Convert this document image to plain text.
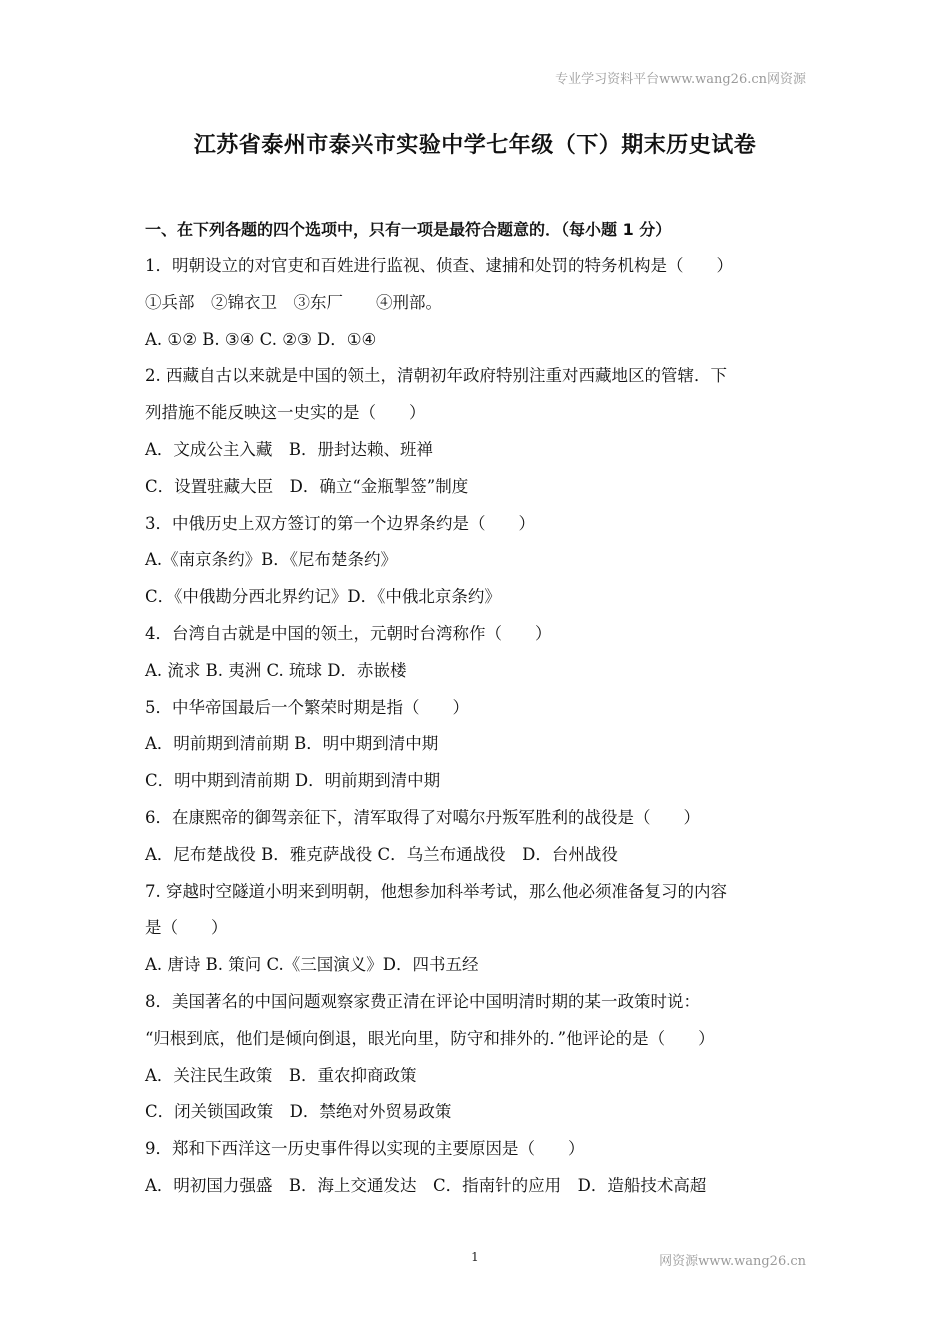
专业学习资料平台www.wang26.cn网资源
江苏省泰州市泰兴市实验中学七年级（下）期末历史试卷
一、在下列各题的四个选项中，只有一项是最符合题意的．（每小题 1 分）
1．明朝设立的对官吏和百姓进行监视、侦查、逮捕和处罚的特务机构是（　　）
①兵部　②锦衣卫　③东厂　　④刑部。
A. ①② B. ③④ C. ②③ D．①④
2. 西藏自古以来就是中国的领土，清朝初年政府特别注重对西藏地区的管辖．下
列措施不能反映这一史实的是（　　）
A．文成公主入藏　B．册封达赖、班禅
C．设置驻藏大臣　D．确立“金瓶掣签”制度
3．中俄历史上双方签订的第一个边界条约是（　　）
A.《南京条约》B．《尼布楚条约》
C．《中俄勘分西北界约记》D．《中俄北京条约》
4．台湾自古就是中国的领土，元朝时台湾称作（　　）
A. 流求 B. 夷洲 C. 琉球 D．赤嵌楼
5．中华帝国最后一个繁荣时期是指（　　）
A．明前期到清前期 B．明中期到清中期
C．明中期到清前期 D．明前期到清中期
6．在康熙帝的御驾亲征下，清军取得了对噶尔丹叛军胜利的战役是（　　）
A．尼布楚战役 B．雅克萨战役 C．乌兰布通战役　D．台州战役
7. 穿越时空隧道小明来到明朝，他想参加科举考试，那么他必须准备复习的内容
是（　　）
A. 唐诗 B. 策问 C.《三国演义》D．四书五经
8．美国著名的中国问题观察家费正清在评论中国明清时期的某一政策时说：
“归根到底，他们是倾向倒退，眼光向里，防守和排外的．”他评论的是（　　）
A．关注民生政策　B．重农抑商政策
C．闭关锁国政策　D．禁绝对外贸易政策
9．郑和下西洋这一历史事件得以实现的主要原因是（　　）
A．明初国力强盛　B．海上交通发达　C．指南针的应用　D．造船技术高超
1	网资源www.wang26.cn
